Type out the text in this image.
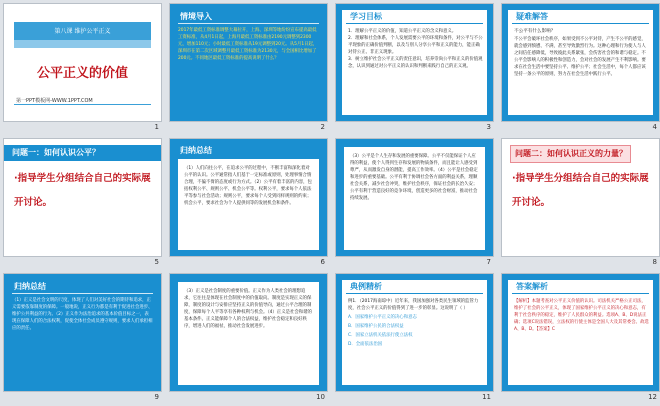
第八课 维护公平正义
公平正义的价值
第一PPT模板网-WWW.1PPT.COM
1
情境导入
2017年最低工资标准调整大幕拉开，上海、深圳等地纷纷宣布提高最低工资标准，从4月1日起，上海月最低工资标准由2190元调整到2300元，增加110元；小时最低工资标准从19元调整到20元。从5月1日起，深圳市在第二次区域调整月最低工资标准为2130元，与全国相比增加了200元。不同地区最低工资标准的提高说明了什么？
2
学习目标
1．理解公平正义的价值，知道公平正义的含义和意义。
2．理解和社会体系，个人发展需要公平的环境和条件，对公平与不公平现象的正确价值判断，以及与别人分享公平和正义的能力，能正确对待公正、非正义现象。
3．树立维护社会公平正义的责任意识，培养崇尚公平和正义的价值观念，认识到通过对公平正义的认识和判断来践行自己的正义观。
3
疑难解答
不公平有什么影响？
不公平会破坏社会秩序，如果受到不公平对待，产生不公平的感觉，就会感到愤懑、不满，甚至导致激烈行为。这种心理和行为使人与人之间信任感降低，导致彼此关系紧张，会伤害社会的和谐与稳定。不公平会影响人的积极性和创造力，会对社会的发展产生不利影响。要求在社会生活中要坚持公平、维护公平；社会生活中，每个人都应该坚持一条公平的原则，努力在社会生活中践行公平。
4
问题一：如何认识公平？
·指导学生分组结合自己的实际展开讨论。
5
归纳总结
（1）人们向往公平，在追求公平的过程中，不断丰富和深化着对公平的认识。公平通常指人们基于一定标准或原则，处理事情合情合理，不偏不倚的态度或行为方式。（2）公平有着丰富的内容，包括权利公平、规则公平、机会公平等。权利公平，要求每个人依法平等参与社会活动；规则公平，要求每个人受到同样规则的约束；机会公平，要求社会为个人提供同等的发展机会和条件。
6
（3）公平是个人生存和发展的重要保障。公平不仅能保证个人应得的利益，使个人得到生存和发展的物质条件，而且能让人感受到尊严，从而激发自身的潜能，提高工作效率。（4）公平是社会稳定和进步的重要基础。公平有利于协调社会各方面的利益关系，理顺社会关系，减少社会冲突，维护社会秩序，保证社会的长治久安；公平有利于营造良好的竞争环境，创造更多的社会财富，推动社会持续发展。
7
问题二：如何认识正义的力量？
·指导学生分组结合自己的实际展开讨论。
8
归纳总结
（1）正义是社会文明的尺度，体现了人们对美好社会的期待和追求，正义需要依靠制度的保障。一般地说，正义行为都是有利于促进社会进步、维护公共利益的行为。（2）正义作为法治追求的基本价值目标之一，表现在保障人们的合法权利，促使全体社会成员遵守规则，要求人们承担相应的责任。
9
（3）正义是社会制度的重要价值。正义作为人类社会的理想追求，它往往是体现在社会制度中的价值取向。制度是实现正义的保障，制度的设计与安排应坚持正义的价值导向，通过公平合理的制度，保障每个人平等享有各种权利与机会。（4）正义是社会和谐的基本条件。正义能保障个人的合法权益，维护社会稳定和良好秩序，增进人们的福祉，推动社会发展进步。
10
典例精析
例1．（2017海南琼中）近年来，我国加强对各类民生领域的监管力度，社会公平正义的价值得到了进一步的彰显。这说明了（ ）
A．国家维护公平正义的决心和意志
B．国家维护公民的合法权益
C．国家立法机关依法行使立法权
D．全面依法治国
11
答案解析
【解析】本题考查对公平正义价值的认识。司法机关严格公正司法，维护了社会的公平正义，体现了国家维护公平正义的决心和意志，有利于社会秩序的稳定，维护了人民群众的利益。选项A、B、D说法正确；选项C说法错误，立法权的行使主体是全国人大及其常委会。故选A、B、D。【答案】C
12
